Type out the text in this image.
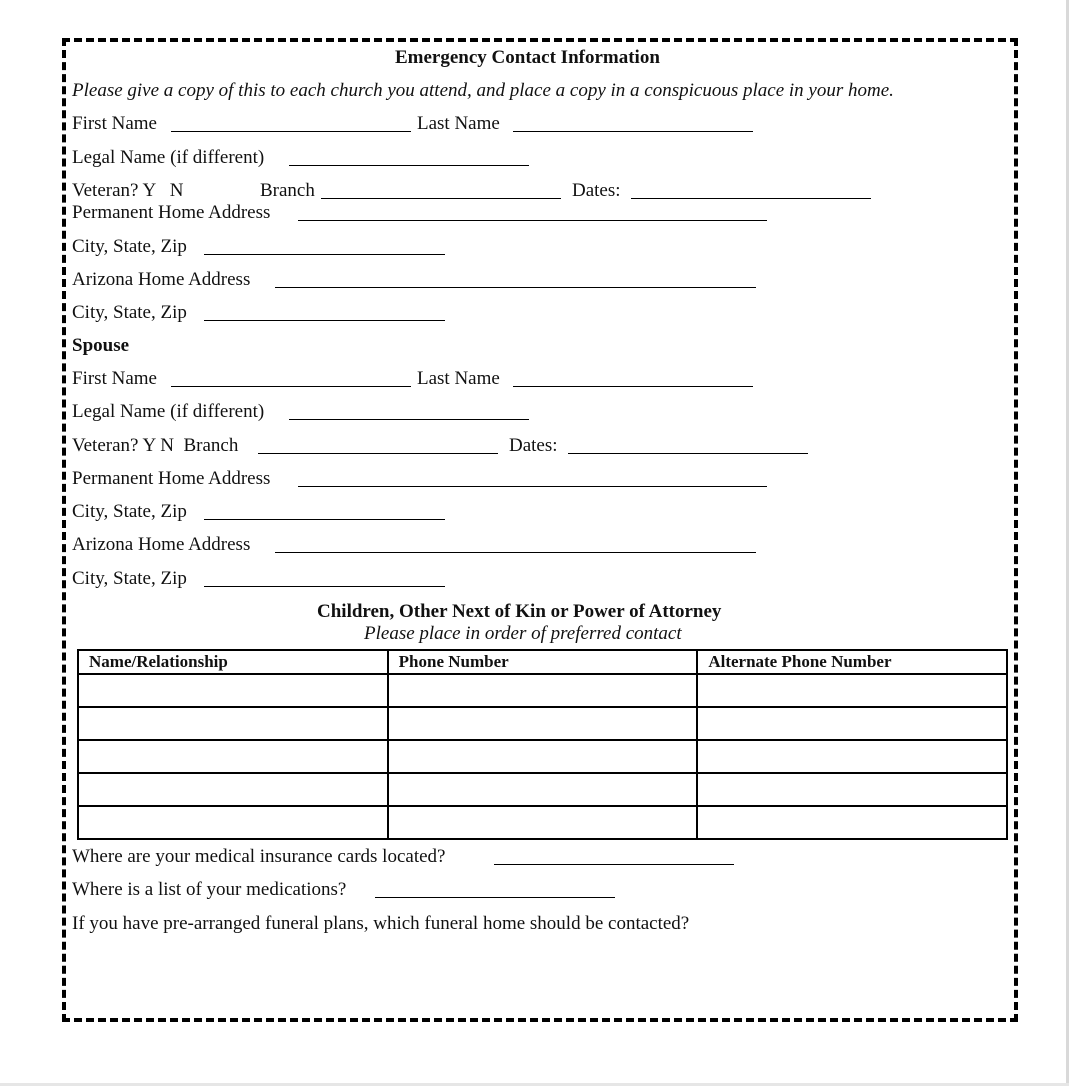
Emergency Contact Information
Please give a copy of this to each church you attend, and place a copy in a conspicuous place in your home.
First Name	Last Name
Legal Name (if different)
Veteran? Y   N	Branch	Dates:
Permanent Home Address
City, State, Zip
Arizona Home Address
City, State, Zip
Spouse
First Name	Last Name
Legal Name (if different)
Veteran? Y N  Branch	Dates:
Permanent Home Address
City, State, Zip
Arizona Home Address
City, State, Zip
Children, Other Next of Kin or Power of Attorney
Please place in order of preferred contact
Name/Relationship	Phone Number	Alternate Phone Number

Where are your medical insurance cards located?
Where is a list of your medications?
If you have pre-arranged funeral plans, which funeral home should be contacted?
